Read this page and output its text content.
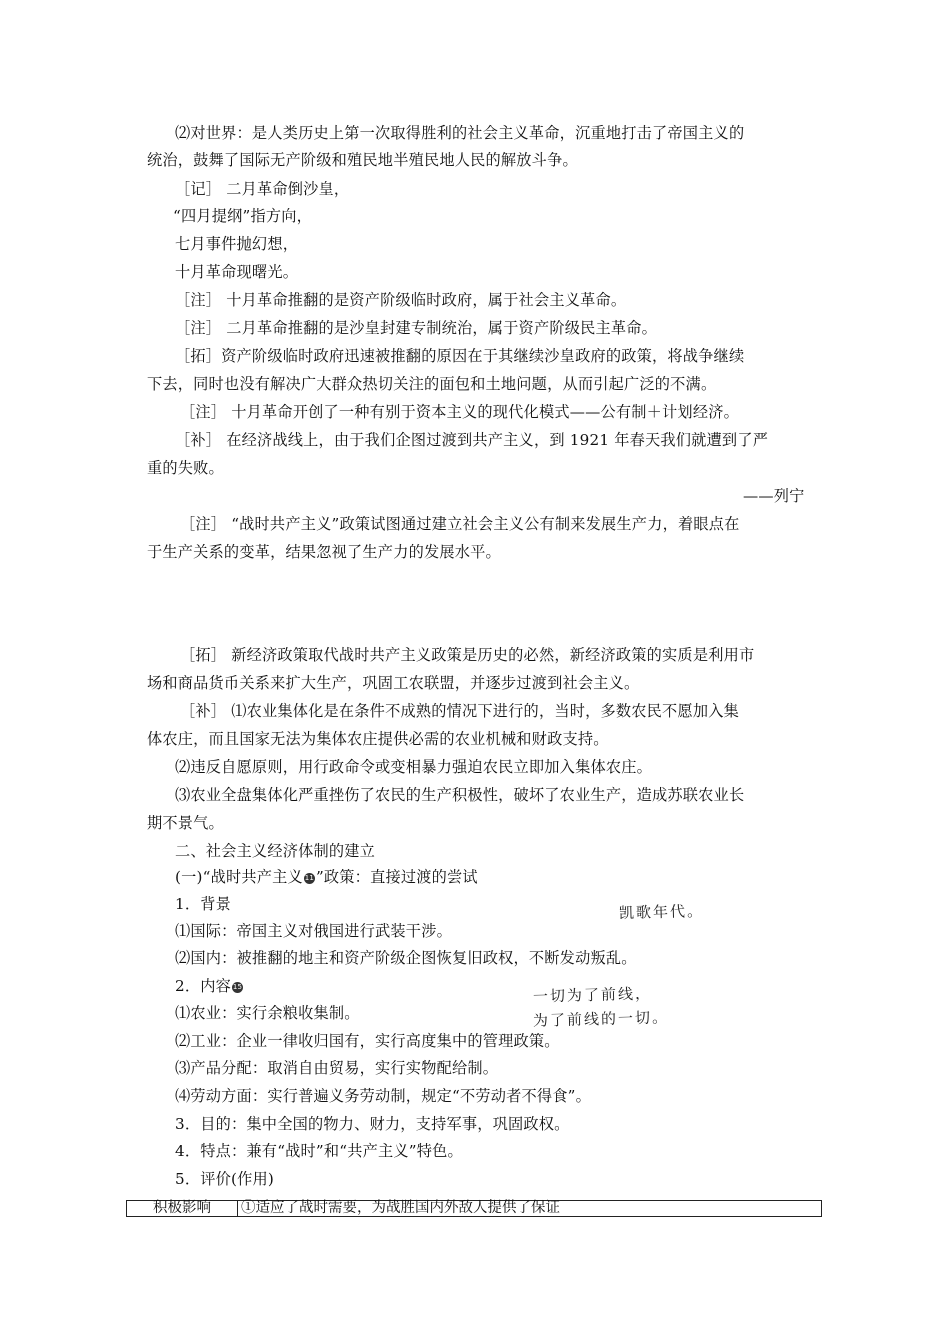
⑵对世界：是人类历史上第一次取得胜利的社会主义革命，沉重地打击了帝国主义的
统治，鼓舞了国际无产阶级和殖民地半殖民地人民的解放斗争。
［记］ 二月革命倒沙皇，
“四月提纲”指方向，
七月事件抛幻想，
十月革命现曙光。
［注］ 十月革命推翻的是资产阶级临时政府，属于社会主义革命。
［注］ 二月革命推翻的是沙皇封建专制统治，属于资产阶级民主革命。
［拓］资产阶级临时政府迅速被推翻的原因在于其继续沙皇政府的政策，将战争继续
下去，同时也没有解决广大群众热切关注的面包和土地问题，从而引起广泛的不满。
［注］ 十月革命开创了一种有别于资本主义的现代化模式——公有制＋计划经济。
［补］ 在经济战线上，由于我们企图过渡到共产主义，到 1921 年春天我们就遭到了严
重的失败。
——列宁
［注］ “战时共产主义”政策试图通过建立社会主义公有制来发展生产力，着眼点在
于生产关系的变革，结果忽视了生产力的发展水平。
［拓］ 新经济政策取代战时共产主义政策是历史的必然，新经济政策的实质是利用市
场和商品货币关系来扩大生产，巩固工农联盟，并逐步过渡到社会主义。
［补］ ⑴农业集体化是在条件不成熟的情况下进行的，当时，多数农民不愿加入集
体农庄，而且国家无法为集体农庄提供必需的农业机械和财政支持。
⑵违反自愿原则，用行政命令或变相暴力强迫农民立即加入集体农庄。
⑶农业全盘集体化严重挫伤了农民的生产积极性，破坏了农业生产，造成苏联农业长
期不景气。
二、社会主义经济体制的建立
(一)“战时共产主义 11 ”政策：直接过渡的尝试
1．背景
⑴国际：帝国主义对俄国进行武装干涉。
⑵国内：被推翻的地主和资产阶级企图恢复旧政权，不断发动叛乱。
2．内容 15
⑴农业：实行余粮收集制。
⑵工业：企业一律收归国有，实行高度集中的管理政策。
⑶产品分配：取消自由贸易，实行实物配给制。
⑷劳动方面：实行普遍义务劳动制，规定“不劳动者不得食”。
3．目的：集中全国的物力、财力，支持军事，巩固政权。
4．特点：兼有“战时”和“共产主义”特色。
5．评价(作用)
凯歌年代。
一切为了前线，
为了前线的一切。
积极影响	①适应了战时需要，为战胜国内外敌人提供了保证
